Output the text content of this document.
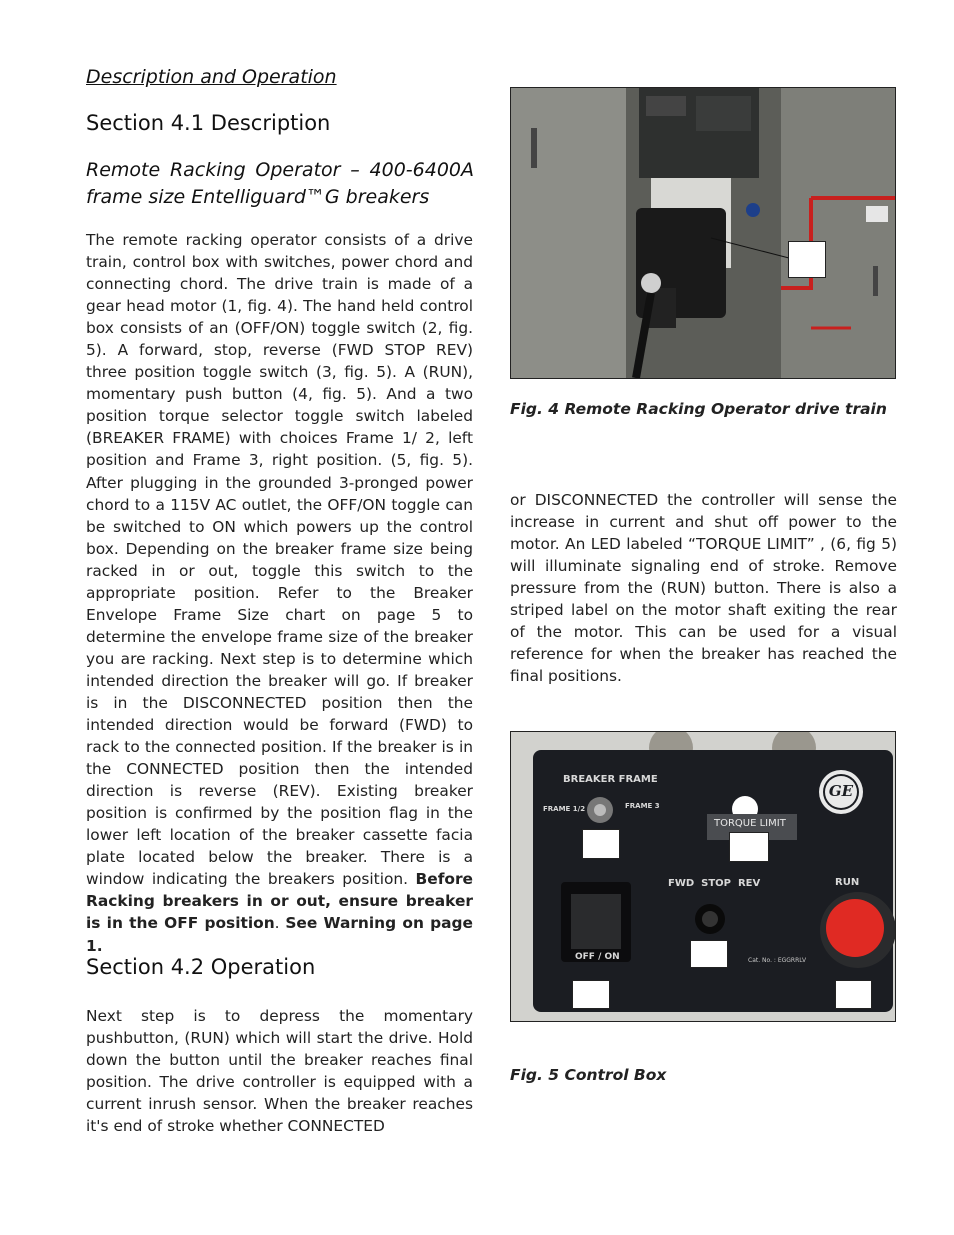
Description and Operation
Section 4.1 Description
Remote Racking Operator – 400-6400A frame size Entelliguard™G breakers
The remote racking operator consists of a drive train, control box with switches, power chord and connecting chord. The drive train is made of a gear head motor (1, fig. 4). The hand held control box consists of an (OFF/ON) toggle switch (2, fig. 5). A forward, stop, reverse (FWD STOP REV) three position toggle switch (3, fig. 5). A (RUN), momentary push button (4, fig. 5). And a two position torque selector toggle switch labeled (BREAKER FRAME) with choices Frame 1/ 2, left position and Frame 3, right position. (5, fig. 5). After plugging in the grounded 3-pronged power chord to a 115V AC outlet, the OFF/ON toggle can be switched to ON which powers up the control box. Depending on the breaker frame size being racked in or out, toggle this switch to the appropriate position. Refer to the Breaker Envelope Frame Size chart on page 5 to determine the envelope frame size of the breaker you are racking. Next step is to determine which intended direction the breaker will go. If breaker is in the DISCONNECTED position then the intended direction would be forward (FWD) to rack to the connected position. If the breaker is in the CONNECTED position then the intended direction is reverse (REV). Existing breaker position is confirmed by the position flag in the lower left location of the breaker cassette facia plate located below the breaker. There is a window indicating the breakers position. Before Racking breakers in or out, ensure breaker is in the OFF position. See Warning on page 1.
Section 4.2 Operation
Next step is to depress the momentary pushbutton, (RUN) which will start the drive. Hold down the button until the breaker reaches final position. The drive controller is equipped with a current inrush sensor. When the breaker reaches it's end of stroke whether CONNECTED
or DISCONNECTED the controller will sense the increase in current and shut off power to the motor. An LED labeled “TORQUE LIMIT” , (6, fig 5) will illuminate signaling end of stroke. Remove pressure from the (RUN) button. There is also a striped label on the motor shaft exiting the rear of the motor. This can be used for a visual reference for when the breaker has reached the final positions.
Fig. 4 Remote Racking Operator drive train
BREAKER FRAME
FRAME 1/2	FRAME 3
TORQUE LIMIT
FWD  STOP  REV	RUN
OFF / ON	Cat. No. : EGGRRLV
GE
Fig. 5 Control Box
